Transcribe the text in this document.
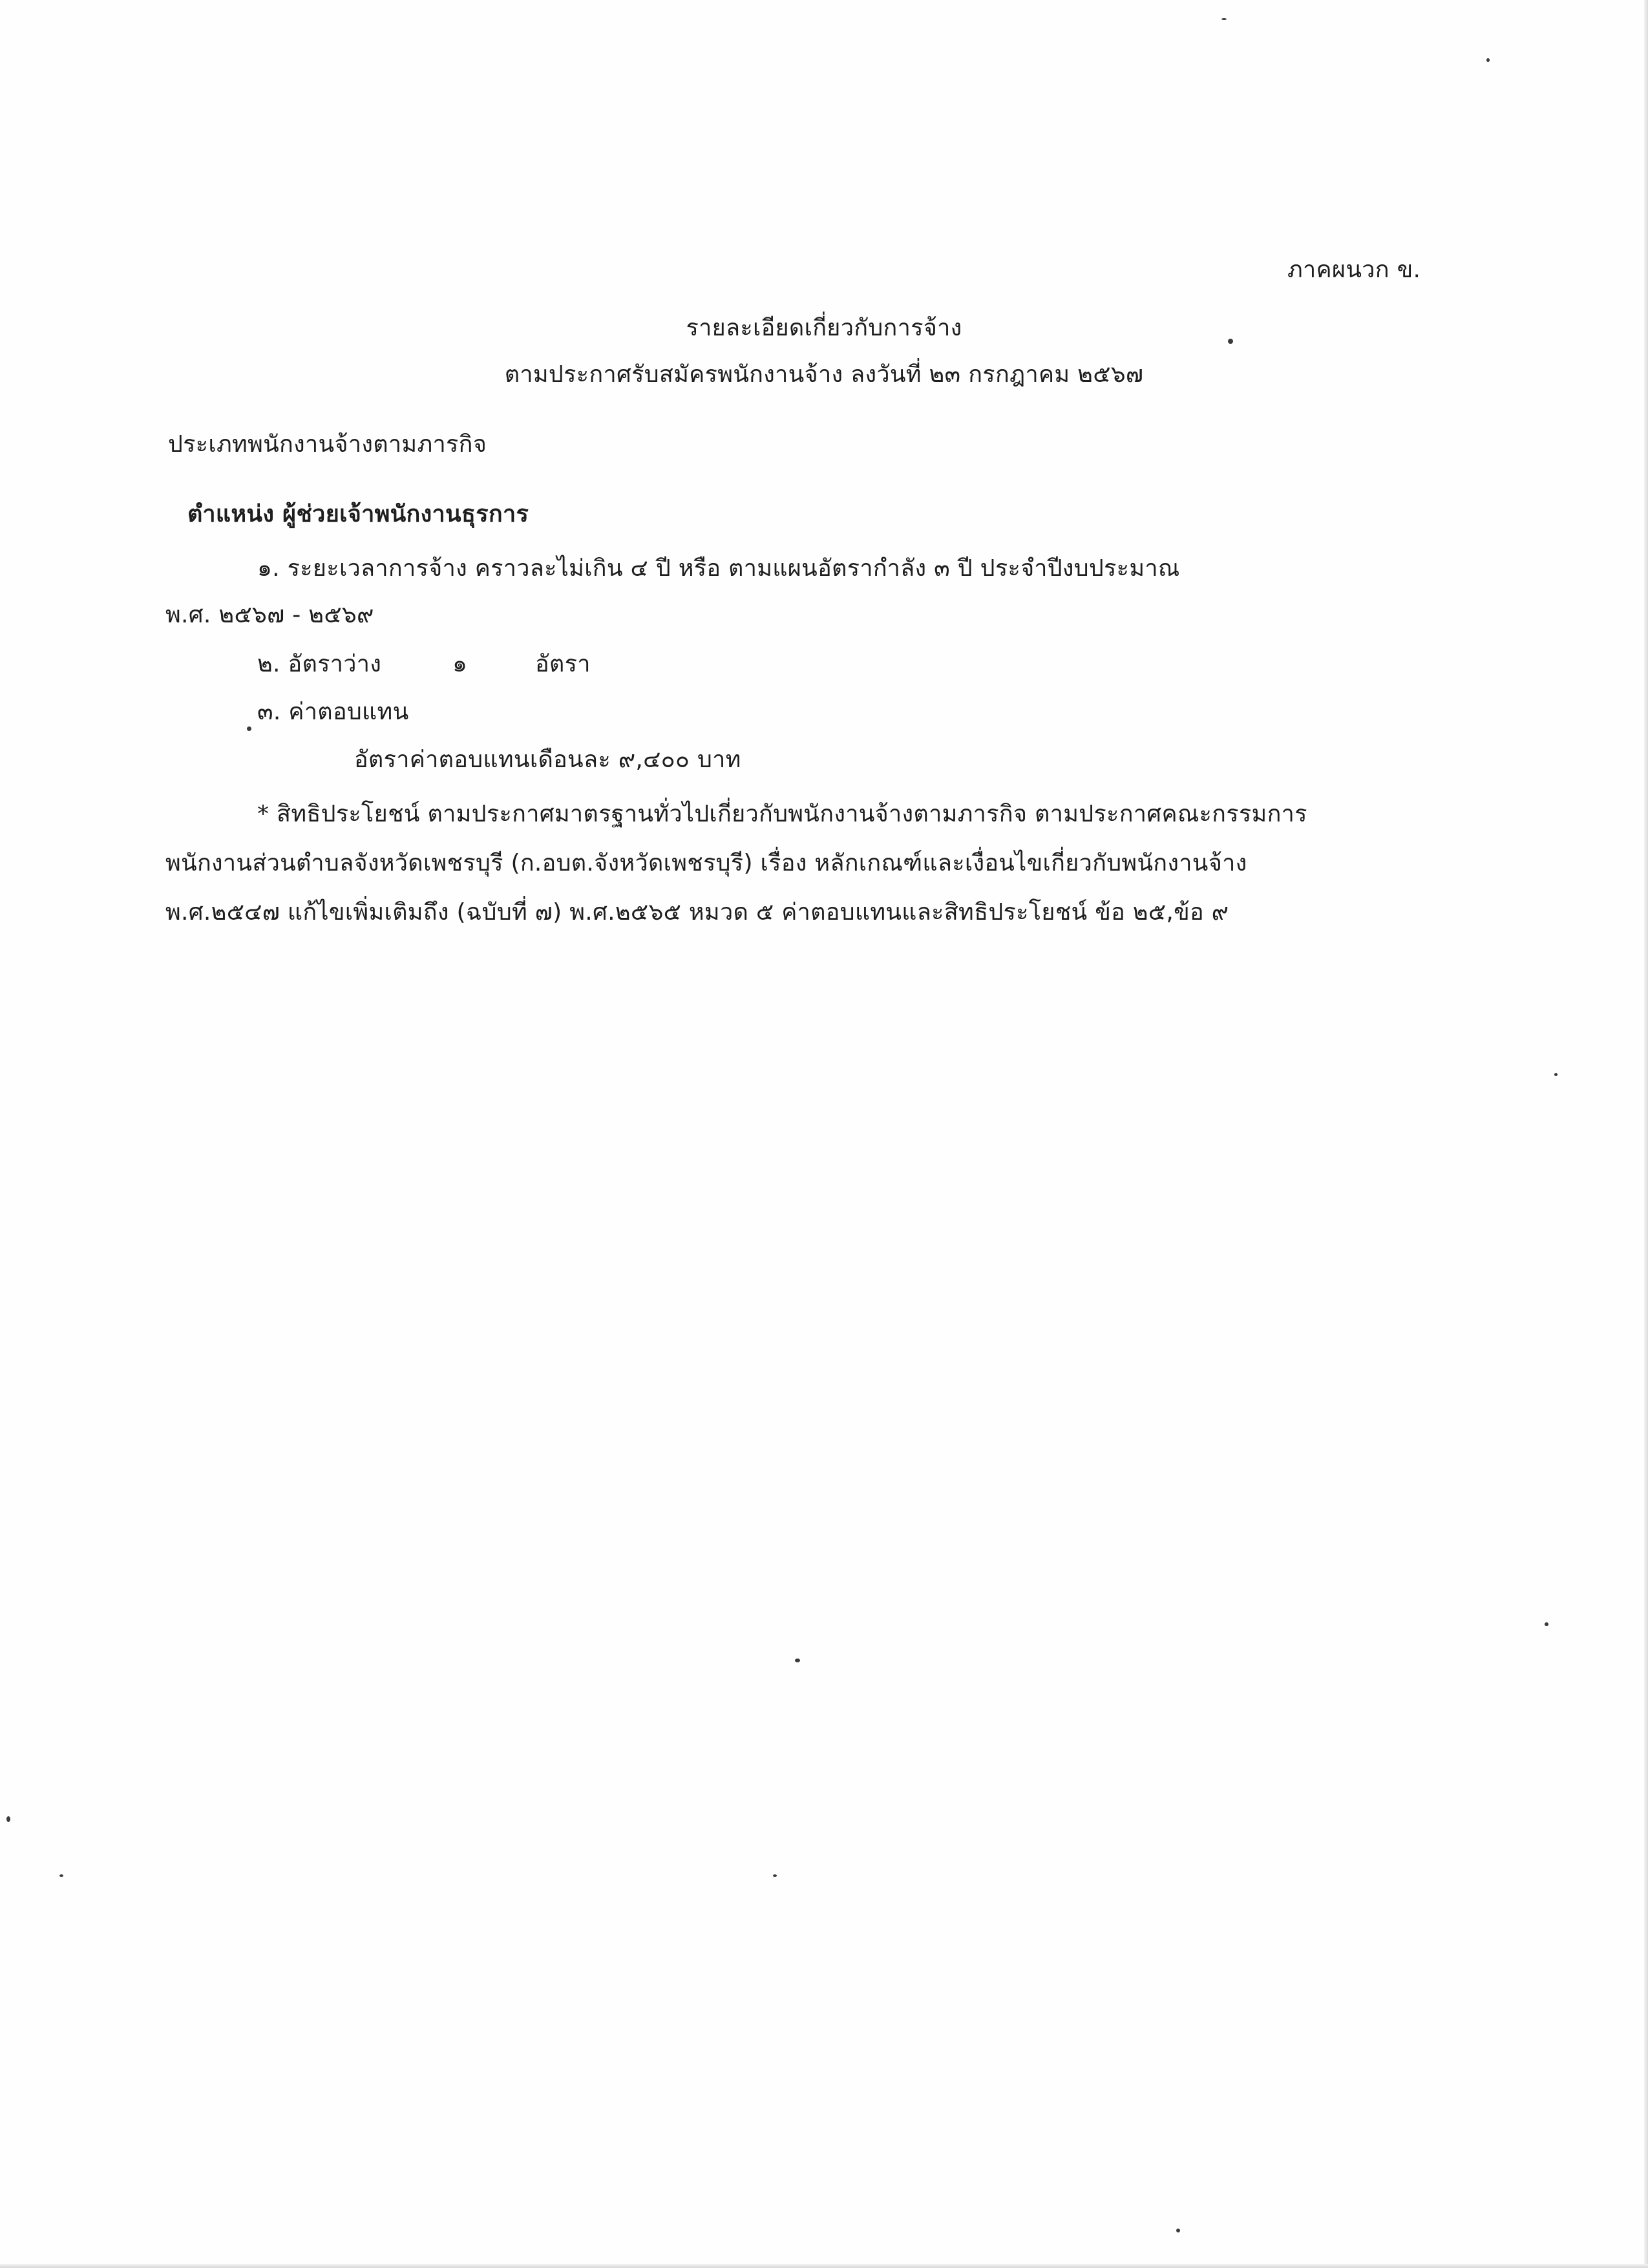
ภาคผนวก ข.
รายละเอียดเกี่ยวกับการจ้าง
ตามประกาศรับสมัครพนักงานจ้าง ลงวันที่ ๒๓ กรกฎาคม ๒๕๖๗
ประเภทพนักงานจ้างตามภารกิจ
ตำแหน่ง ผู้ช่วยเจ้าพนักงานธุรการ
๑. ระยะเวลาการจ้าง คราวละไม่เกิน ๔ ปี หรือ ตามแผนอัตรากำลัง ๓ ปี ประจำปีงบประมาณ
พ.ศ. ๒๕๖๗ - ๒๕๖๙
๒. อัตราว่าง	๑	อัตรา
๓. ค่าตอบแทน
อัตราค่าตอบแทนเดือนละ ๙,๔๐๐ บาท
* สิทธิประโยชน์ ตามประกาศมาตรฐานทั่วไปเกี่ยวกับพนักงานจ้างตามภารกิจ ตามประกาศคณะกรรมการ
พนักงานส่วนตำบลจังหวัดเพชรบุรี (ก.อบต.จังหวัดเพชรบุรี) เรื่อง หลักเกณฑ์และเงื่อนไขเกี่ยวกับพนักงานจ้าง
พ.ศ.๒๕๔๗ แก้ไขเพิ่มเติมถึง (ฉบับที่ ๗) พ.ศ.๒๕๖๕ หมวด ๕ ค่าตอบแทนและสิทธิประโยชน์ ข้อ ๒๕,ข้อ ๙
